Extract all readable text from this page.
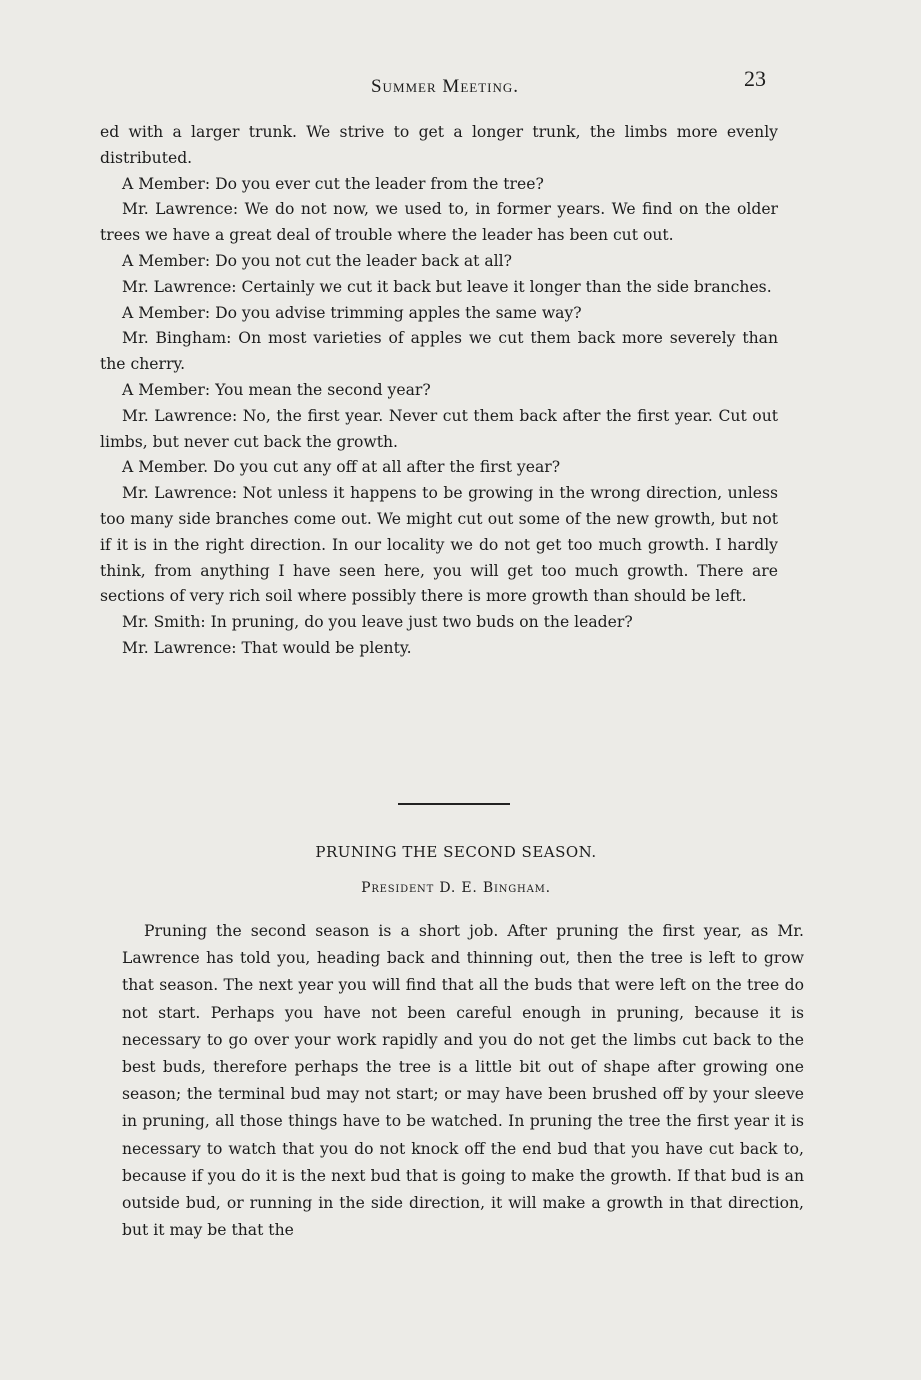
Summer Meeting.	23

ed with a larger trunk. We strive to get a longer trunk, the limbs more evenly distributed.

A Member: Do you ever cut the leader from the tree?

Mr. Lawrence: We do not now, we used to, in former years. We find on the older trees we have a great deal of trouble where the leader has been cut out.

A Member: Do you not cut the leader back at all?

Mr. Lawrence: Certainly we cut it back but leave it longer than the side branches.

A Member: Do you advise trimming apples the same way?

Mr. Bingham: On most varieties of apples we cut them back more severely than the cherry.

A Member: You mean the second year?

Mr. Lawrence: No, the first year. Never cut them back after the first year. Cut out limbs, but never cut back the growth.

A Member. Do you cut any off at all after the first year?

Mr. Lawrence: Not unless it happens to be growing in the wrong direction, unless too many side branches come out. We might cut out some of the new growth, but not if it is in the right direction. In our locality we do not get too much growth. I hardly think, from anything I have seen here, you will get too much growth. There are sections of very rich soil where possibly there is more growth than should be left.

Mr. Smith: In pruning, do you leave just two buds on the leader?

Mr. Lawrence: That would be plenty.

PRUNING THE SECOND SEASON.
President D. E. Bingham.
Pruning the second season is a short job. After pruning the first year, as Mr. Lawrence has told you, heading back and thinning out, then the tree is left to grow that season. The next year you will find that all the buds that were left on the tree do not start. Perhaps you have not been careful enough in pruning, because it is necessary to go over your work rapidly and you do not get the limbs cut back to the best buds, therefore perhaps the tree is a little bit out of shape after growing one season; the terminal bud may not start; or may have been brushed off by your sleeve in pruning, all those things have to be watched. In pruning the tree the first year it is necessary to watch that you do not knock off the end bud that you have cut back to, because if you do it is the next bud that is going to make the growth. If that bud is an outside bud, or running in the side direction, it will make a growth in that direction, but it may be that the
